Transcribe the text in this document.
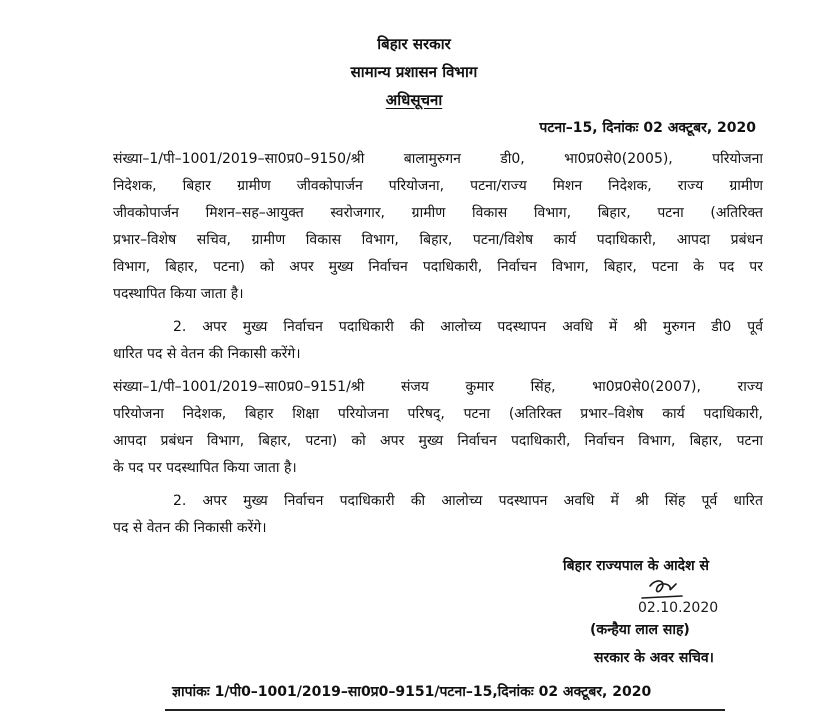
बिहार सरकार
सामान्य प्रशासन विभाग
अधिसूचना
पटना–15, दिनांकः 02 अक्टूबर, 2020
संख्या–1/पी–1001/2019–सा0प्र0–9150/श्री बालामुरुगन डी0, भा0प्र0से0(2005), परियोजना
निदेशक, बिहार ग्रामीण जीवकोपार्जन परियोजना, पटना/राज्य मिशन निदेशक, राज्य ग्रामीण
जीवकोपार्जन मिशन–सह–आयुक्त स्वरोजगार, ग्रामीण विकास विभाग, बिहार, पटना (अतिरिक्त
प्रभार–विशेष सचिव, ग्रामीण विकास विभाग, बिहार, पटना/विशेष कार्य पदाधिकारी, आपदा प्रबंधन
विभाग, बिहार, पटना) को अपर मुख्य निर्वाचन पदाधिकारी, निर्वाचन विभाग, बिहार, पटना के पद पर
पदस्थापित किया जाता है।
2. अपर मुख्य निर्वाचन पदाधिकारी की आलोच्य पदस्थापन अवधि में श्री मुरुगन डी0 पूर्व
धारित पद से वेतन की निकासी करेंगे।
संख्या–1/पी–1001/2019–सा0प्र0–9151/श्री संजय कुमार सिंह, भा0प्र0से0(2007), राज्य
परियोजना निदेशक, बिहार शिक्षा परियोजना परिषद्, पटना (अतिरिक्त प्रभार–विशेष कार्य पदाधिकारी,
आपदा प्रबंधन विभाग, बिहार, पटना) को अपर मुख्य निर्वाचन पदाधिकारी, निर्वाचन विभाग, बिहार, पटना
के पद पर पदस्थापित किया जाता है।
2. अपर मुख्य निर्वाचन पदाधिकारी की आलोच्य पदस्थापन अवधि में श्री सिंह पूर्व धारित
पद से वेतन की निकासी करेंगे।
बिहार राज्यपाल के आदेश से
02.10.2020
(कन्हैया लाल साह)
सरकार के अवर सचिव।
ज्ञापांकः 1/पी0–1001/2019–सा0प्र0–9151/पटना–15,दिनांकः 02 अक्टूबर, 2020
